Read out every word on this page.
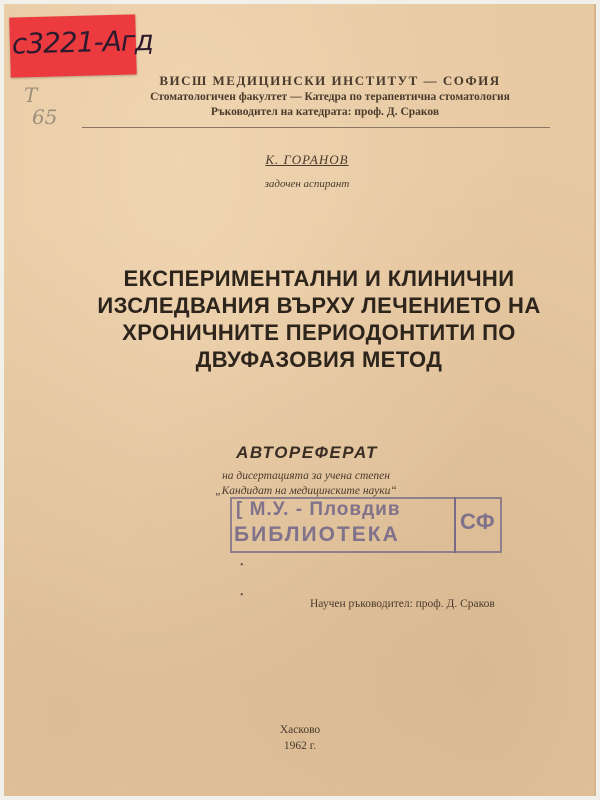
с3221-Агд
Т
65
ВИСШ МЕДИЦИНСКИ ИНСТИТУТ — СОФИЯ
Стоматологичен факултет — Катедра по терапевтична стоматология
Ръководител на катедрата: проф. Д. Сраков
К. ГОРАНОВ
задочен аспирант
ЕКСПЕРИМЕНТАЛНИ И КЛИНИЧНИ
ИЗСЛЕДВАНИЯ ВЪРХУ ЛЕЧЕНИЕТО НА
ХРОНИЧНИТЕ ПЕРИОДОНТИТИ ПО
ДВУФАЗОВИЯ МЕТОД
АВТОРЕФЕРАТ
на дисертацията за учена степен
„Кандидат на медицинските науки“
[ М.У. - Пловдив
БИБЛИОТЕКА
СФ
•
•
Научен ръководител: проф. Д. Сраков
Хасково
1962 г.
